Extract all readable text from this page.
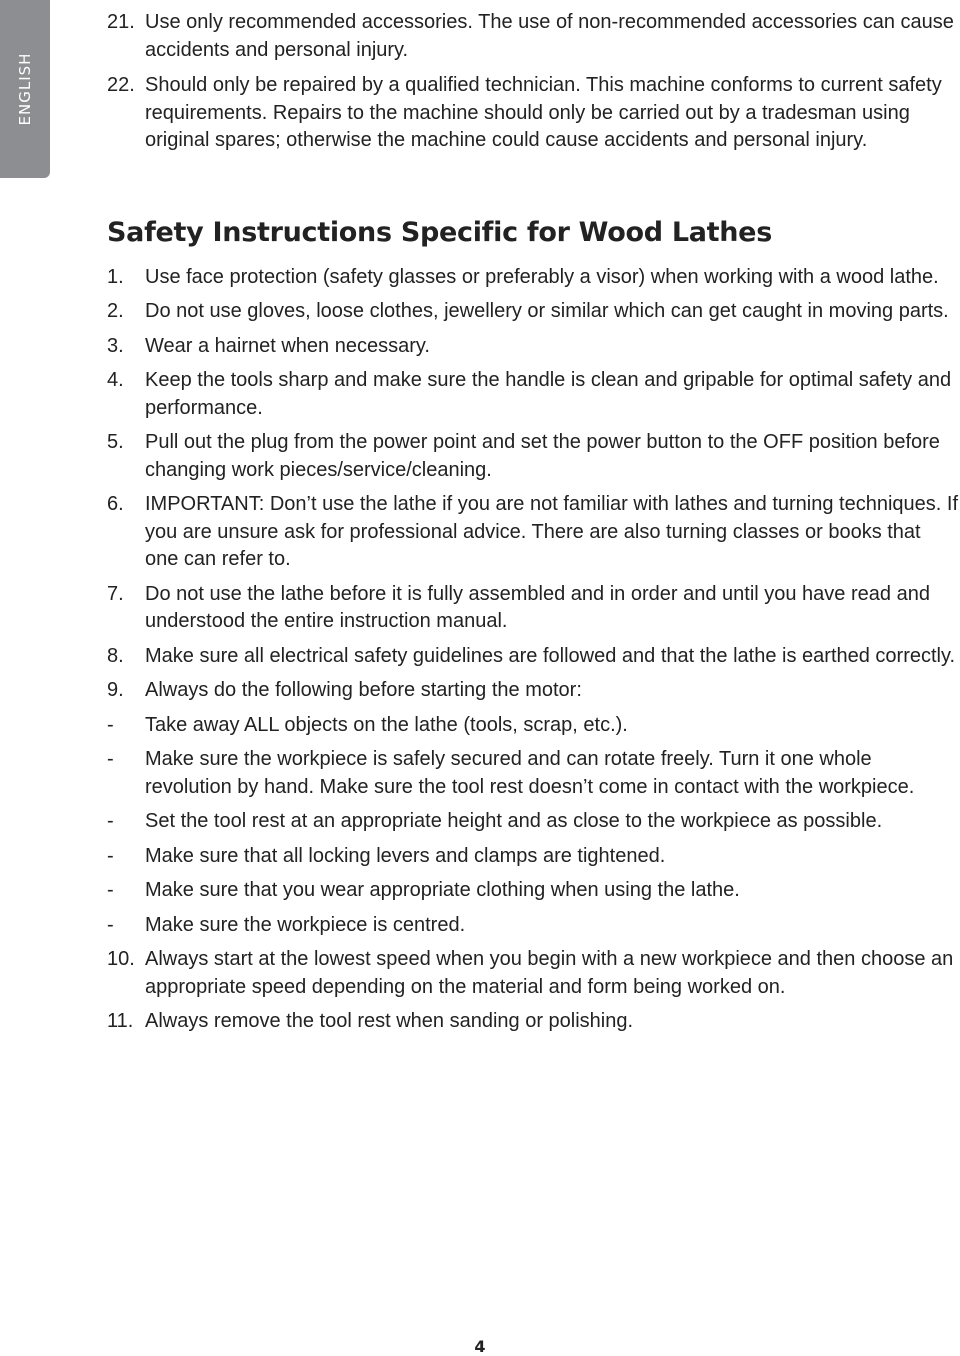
ENGLISH
21. Use only recommended accessories. The use of non-recommended accessories can cause accidents and personal injury.
22. Should only be repaired by a qualified technician. This machine conforms to current safety requirements. Repairs to the machine should only be carried out by a tradesman using original spares; otherwise the machine could cause accidents and personal injury.
Safety Instructions Specific for Wood Lathes
1.	Use face protection (safety glasses or preferably a visor) when working with a wood lathe.
2.	Do not use gloves, loose clothes, jewellery or similar which can get caught in moving parts.
3.	Wear a hairnet when necessary.
4.	Keep the tools sharp and make sure the handle is clean and gripable for optimal safety and performance.
5.	Pull out the plug from the power point and set the power button to the OFF position before changing work pieces/service/cleaning.
6.	IMPORTANT: Don’t use the lathe if you are not familiar with lathes and turning techniques. If you are unsure ask for professional advice. There are also turning classes or books that one can refer to.
7.	Do not use the lathe before it is fully assembled and in order and until you have read and understood the entire instruction manual.
8.	Make sure all electrical safety guidelines are followed and that the lathe is earthed correctly.
9.	Always do the following before starting the motor:
-	Take away ALL objects on the lathe (tools, scrap, etc.).
-	Make sure the workpiece is safely secured and can rotate freely. Turn it one whole revolution by hand. Make sure the tool rest doesn’t come in contact with the workpiece.
-	Set the tool rest at an appropriate height and as close to the workpiece as possible.
-	Make sure that all locking levers and clamps are tightened.
-	Make sure that you wear appropriate clothing when using the lathe.
-	Make sure the workpiece is centred.
10. Always start at the lowest speed when you begin with a new workpiece and then choose an appropriate speed depending on the material and form being worked on.
11. Always remove the tool rest when sanding or polishing.
4
